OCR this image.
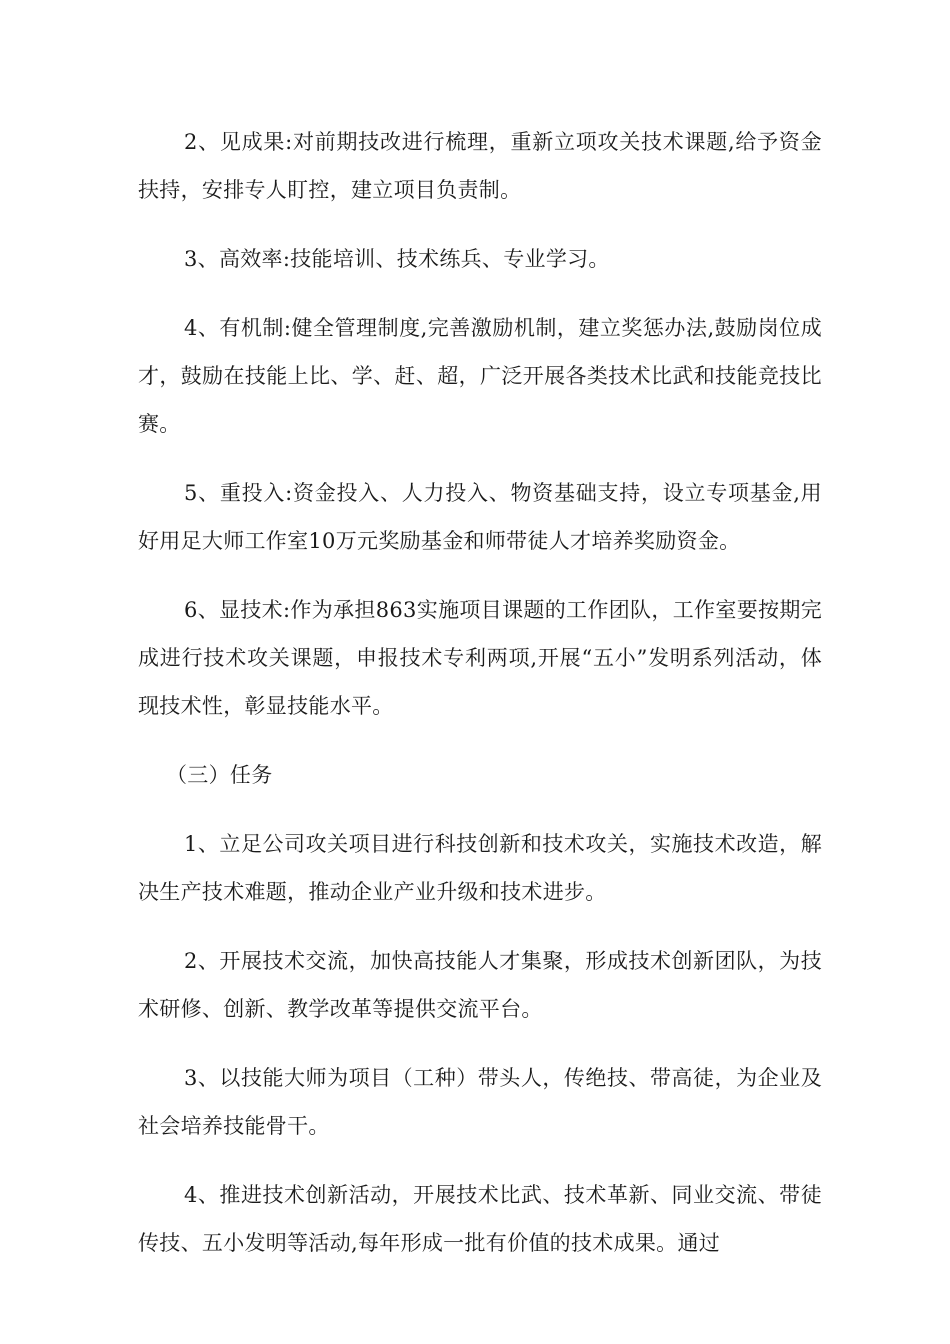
2、见成果:对前期技改进行梳理，重新立项攻关技术课题,给予资金扶持，安排专人盯控，建立项目负责制。

3、高效率:技能培训、技术练兵、专业学习。

4、有机制:健全管理制度,完善激励机制，建立奖惩办法,鼓励岗位成才，鼓励在技能上比、学、赶、超，广泛开展各类技术比武和技能竞技比赛。

5、重投入:资金投入、人力投入、物资基础支持，设立专项基金,用好用足大师工作室10万元奖励基金和师带徒人才培养奖励资金。

6、显技术:作为承担863实施项目课题的工作团队，工作室要按期完成进行技术攻关课题，申报技术专利两项,开展“五小”发明系列活动，体现技术性，彰显技能水平。

（三）任务

1、立足公司攻关项目进行科技创新和技术攻关，实施技术改造，解决生产技术难题，推动企业产业升级和技术进步。

2、开展技术交流，加快高技能人才集聚，形成技术创新团队，为技术研修、创新、教学改革等提供交流平台。

3、以技能大师为项目（工种）带头人，传绝技、带高徒，为企业及社会培养技能骨干。

4、推进技术创新活动，开展技术比武、技术革新、同业交流、带徒传技、五小发明等活动,每年形成一批有价值的技术成果。通过
